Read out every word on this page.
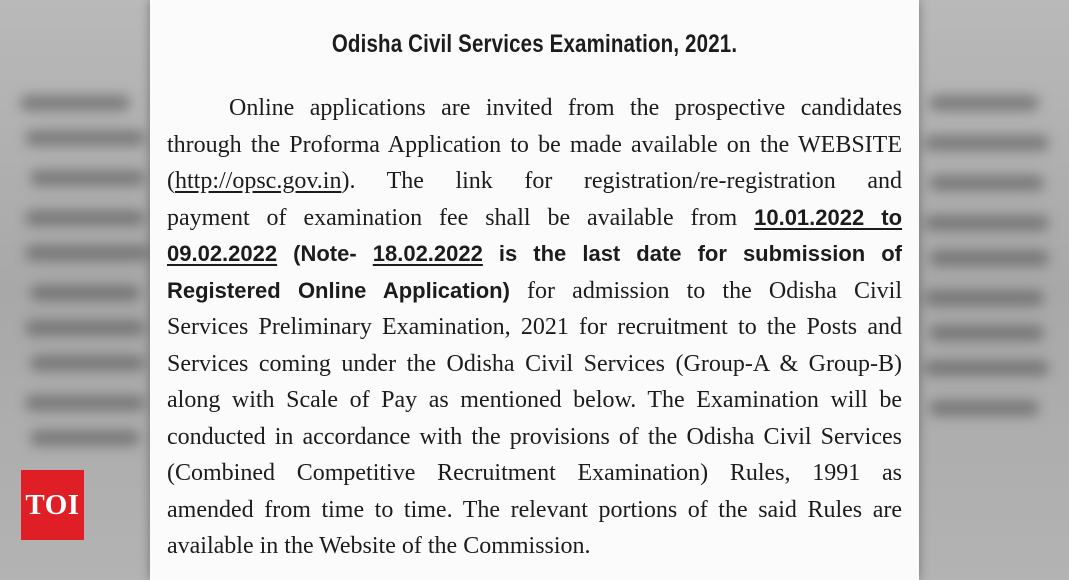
Odisha Civil Services Examination, 2021.
Online applications are invited from the prospective candidates
through the Proforma Application to be made available on the WEBSITE
(http://opsc.gov.in). The link for registration/re-registration and
payment of examination fee shall be available from 10.01.2022 to
09.02.2022 (Note- 18.02.2022 is the last date for submission of
Registered Online Application) for admission to the Odisha Civil
Services Preliminary Examination, 2021 for recruitment to the Posts and
Services coming under the Odisha Civil Services (Group-A & Group-B)
along with Scale of Pay as mentioned below. The Examination will be
conducted in accordance with the provisions of the Odisha Civil Services
(Combined Competitive Recruitment Examination) Rules, 1991 as
amended from time to time. The relevant portions of the said Rules are
available in the Website of the Commission.
TOI
